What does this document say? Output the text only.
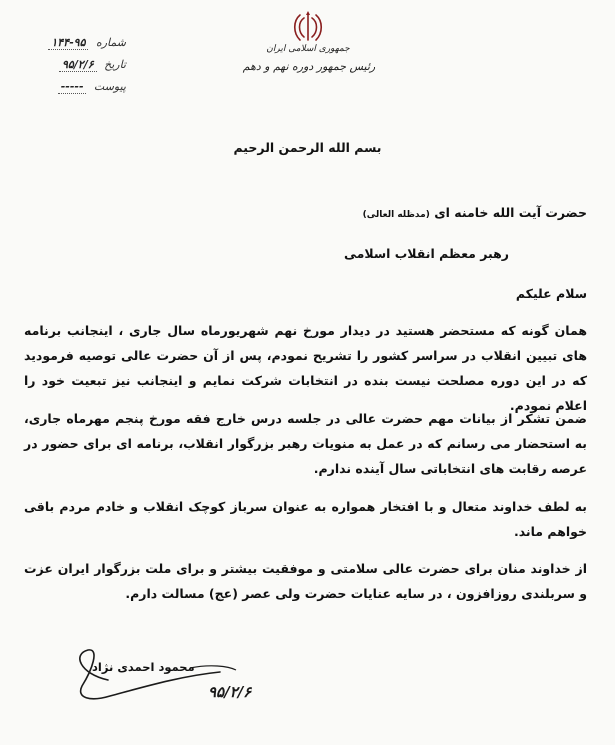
جمهوری اسلامی ایران
رئیس جمهور دوره نهم و دهم
شماره ۹۵-۱۴۴
تاریخ ۹۵/۲/۶
پیوست -----
بسم الله الرحمن الرحیم
حضرت آیت الله خامنه ای (مدظله العالی)
رهبر معظم انقلاب اسلامی
سلام علیکم
همان گونه که مستحضر هستید در دیدار مورخ نهم شهریورماه سال جاری ، اینجانب برنامه های تبیین انقلاب در سراسر کشور را تشریح نمودم، پس از آن حضرت عالی توصیه فرمودید که در این دوره مصلحت نیست بنده در انتخابات شرکت نمایم و اینجانب نیز تبعیت خود را اعلام نمودم.
ضمن تشکر از بیانات مهم حضرت عالی در جلسه درس خارج فقه مورخ پنجم مهرماه جاری، به استحضار می رسانم که در عمل به منویات رهبر بزرگوار انقلاب، برنامه ای برای حضور در عرصه رقابت های انتخاباتی سال آینده ندارم.
به لطف خداوند متعال و با افتخار همواره به عنوان سرباز کوچک انقلاب و خادم مردم باقی خواهم ماند.
از خداوند منان برای حضرت عالی سلامتی و موفقیت بیشتر و برای ملت بزرگوار ایران عزت و سربلندی روزافزون ، در سایه عنایات حضرت ولی عصر (عج) مسالت دارم.
محمود احمدی نژاد
۹۵/۲/۶
